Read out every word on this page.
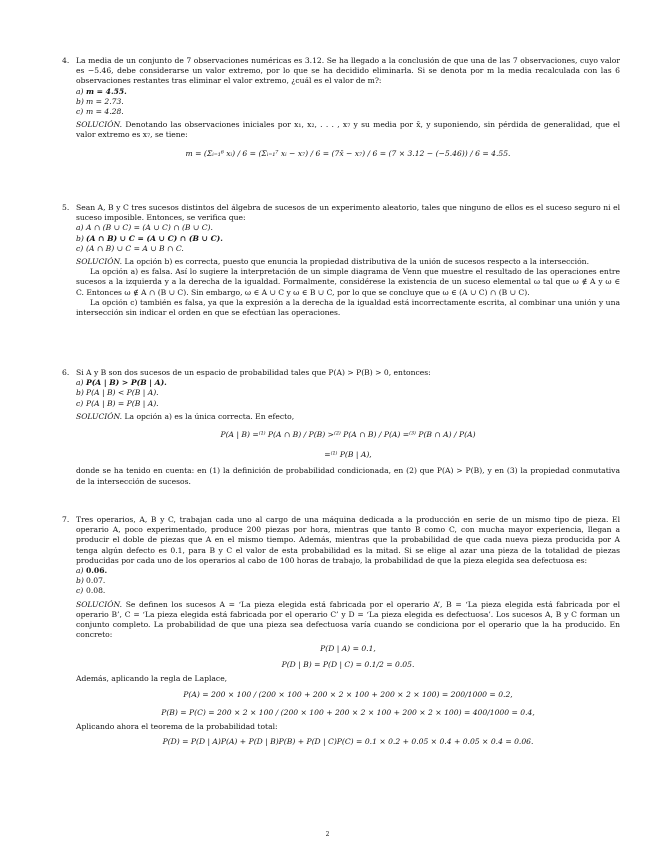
4. La media de un conjunto de 7 observaciones numéricas es 3.12. Se ha llegado a la conclusión de que una de las 7 observaciones, cuyo valor es −5.46, debe considerarse un valor extremo, por lo que se ha decidido eliminarla. Si se denota por m la media recalculada con las 6 observaciones restantes tras eliminar el valor extremo, ¿cuál es el valor de m?:

a) m = 4.55.
b) m = 2.73.
c) m = 4.28.

SOLUCIÓN. Denotando las observaciones iniciales por x₁, x₂, . . . , x₇ y su media por x̄, y suponiendo, sin pérdida de generalidad, que el valor extremo es x₇, se tiene:

m = (Σᵢ₌₁⁶ xᵢ) / 6 = (Σᵢ₌₁⁷ xᵢ − x₇) / 6 = (7x̄ − x₇) / 6 = (7 × 3.12 − (−5.46)) / 6 = 4.55.

5. Sean A, B y C tres sucesos distintos del álgebra de sucesos de un experimento aleatorio, tales que ninguno de ellos es el suceso seguro ni el suceso imposible. Entonces, se verifica que:

a) A ∩ (B ∪ C) = (A ∪ C) ∩ (B ∪ C).
b) (A ∩ B) ∪ C = (A ∪ C) ∩ (B ∪ C).
c) (A ∩ B) ∪ C = A ∪ B ∩ C.

SOLUCIÓN. La opción b) es correcta, puesto que enuncia la propiedad distributiva de la unión de sucesos respecto a la intersección.

La opción a) es falsa. Así lo sugiere la interpretación de un simple diagrama de Venn que muestre el resultado de las operaciones entre sucesos a la izquierda y a la derecha de la igualdad. Formalmente, considérese la existencia de un suceso elemental ω tal que ω ∉ A y ω ∈ C. Entonces ω ∉ A ∩ (B ∪ C). Sin embargo, ω ∈ A ∪ C y ω ∈ B ∪ C, por lo que se concluye que ω ∈ (A ∪ C) ∩ (B ∪ C).

La opción c) también es falsa, ya que la expresión a la derecha de la igualdad está incorrectamente escrita, al combinar una unión y una intersección sin indicar el orden en que se efectúan las operaciones.

6. Si A y B son dos sucesos de un espacio de probabilidad tales que P(A) > P(B) > 0, entonces:

a) P(A | B) > P(B | A).
b) P(A | B) < P(B | A).
c) P(A | B) = P(B | A).

SOLUCIÓN. La opción a) es la única correcta. En efecto,

P(A | B) =⁽¹⁾ P(A ∩ B) / P(B) >⁽²⁾ P(A ∩ B) / P(A) =⁽³⁾ P(B ∩ A) / P(A)

=⁽¹⁾ P(B | A),

donde se ha tenido en cuenta: en (1) la definición de probabilidad condicionada, en (2) que P(A) > P(B), y en (3) la propiedad conmutativa de la intersección de sucesos.

7. Tres operarios, A, B y C, trabajan cada uno al cargo de una máquina dedicada a la producción en serie de un mismo tipo de pieza. El operario A, poco experimentado, produce 200 piezas por hora, mientras que tanto B como C, con mucha mayor experiencia, llegan a producir el doble de piezas que A en el mismo tiempo. Además, mientras que la probabilidad de que cada nueva pieza producida por A tenga algún defecto es 0.1, para B y C el valor de esta probabilidad es la mitad. Si se elige al azar una pieza de la totalidad de piezas producidas por cada uno de los operarios al cabo de 100 horas de trabajo, la probabilidad de que la pieza elegida sea defectuosa es:

a) 0.06.
b) 0.07.
c) 0.08.

SOLUCIÓN. Se definen los sucesos A = ‘La pieza elegida está fabricada por el operario A’, B = ‘La pieza elegida está fabricada por el operario B’, C = ‘La pieza elegida está fabricada por el operario C’ y D = ‘La pieza elegida es defectuosa’. Los sucesos A, B y C forman un conjunto completo. La probabilidad de que una pieza sea defectuosa varía cuando se condiciona por el operario que la ha producido. En concreto:

P(D | A) = 0.1,

P(D | B) = P(D | C) = 0.1/2 = 0.05.

Además, aplicando la regla de Laplace,

P(A) = 200 × 100 / (200 × 100 + 200 × 2 × 100 + 200 × 2 × 100) = 200/1000 = 0.2,

P(B) = P(C) = 200 × 2 × 100 / (200 × 100 + 200 × 2 × 100 + 200 × 2 × 100) = 400/1000 = 0.4,

Aplicando ahora el teorema de la probabilidad total:

P(D) = P(D | A)P(A) + P(D | B)P(B) + P(D | C)P(C) = 0.1 × 0.2 + 0.05 × 0.4 + 0.05 × 0.4 = 0.06.

2
